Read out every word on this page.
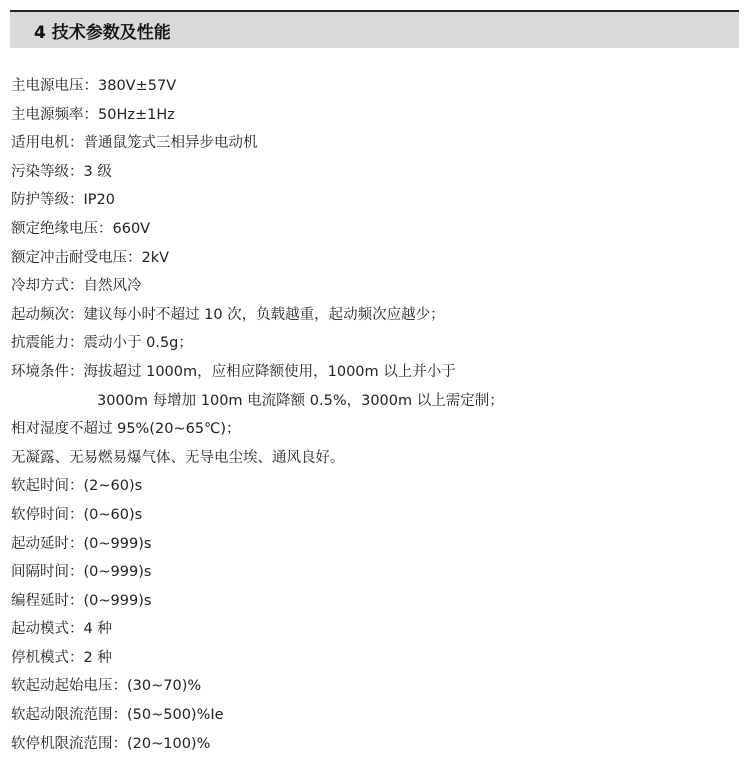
4 技术参数及性能
主电源电压：380V±57V
主电源频率：50Hz±1Hz
适用电机：普通鼠笼式三相异步电动机
污染等级：3 级
防护等级：IP20
额定绝缘电压：660V
额定冲击耐受电压：2kV
冷却方式：自然风冷
起动频次：建议每小时不超过 10 次，负载越重，起动频次应越少；
抗震能力：震动小于 0.5g；
环境条件：海拔超过 1000m，应相应降额使用，1000m 以上并小于
3000m 每增加 100m 电流降额 0.5%，3000m 以上需定制；
相对湿度不超过 95%(20~65℃)；
无凝露、无易燃易爆气体、无导电尘埃、通风良好。
软起时间：(2~60)s
软停时间：(0~60)s
起动延时：(0~999)s
间隔时间：(0~999)s
编程延时：(0~999)s
起动模式：4 种
停机模式：2 种
软起动起始电压：(30~70)%
软起动限流范围：(50~500)%Ie
软停机限流范围：(20~100)%
